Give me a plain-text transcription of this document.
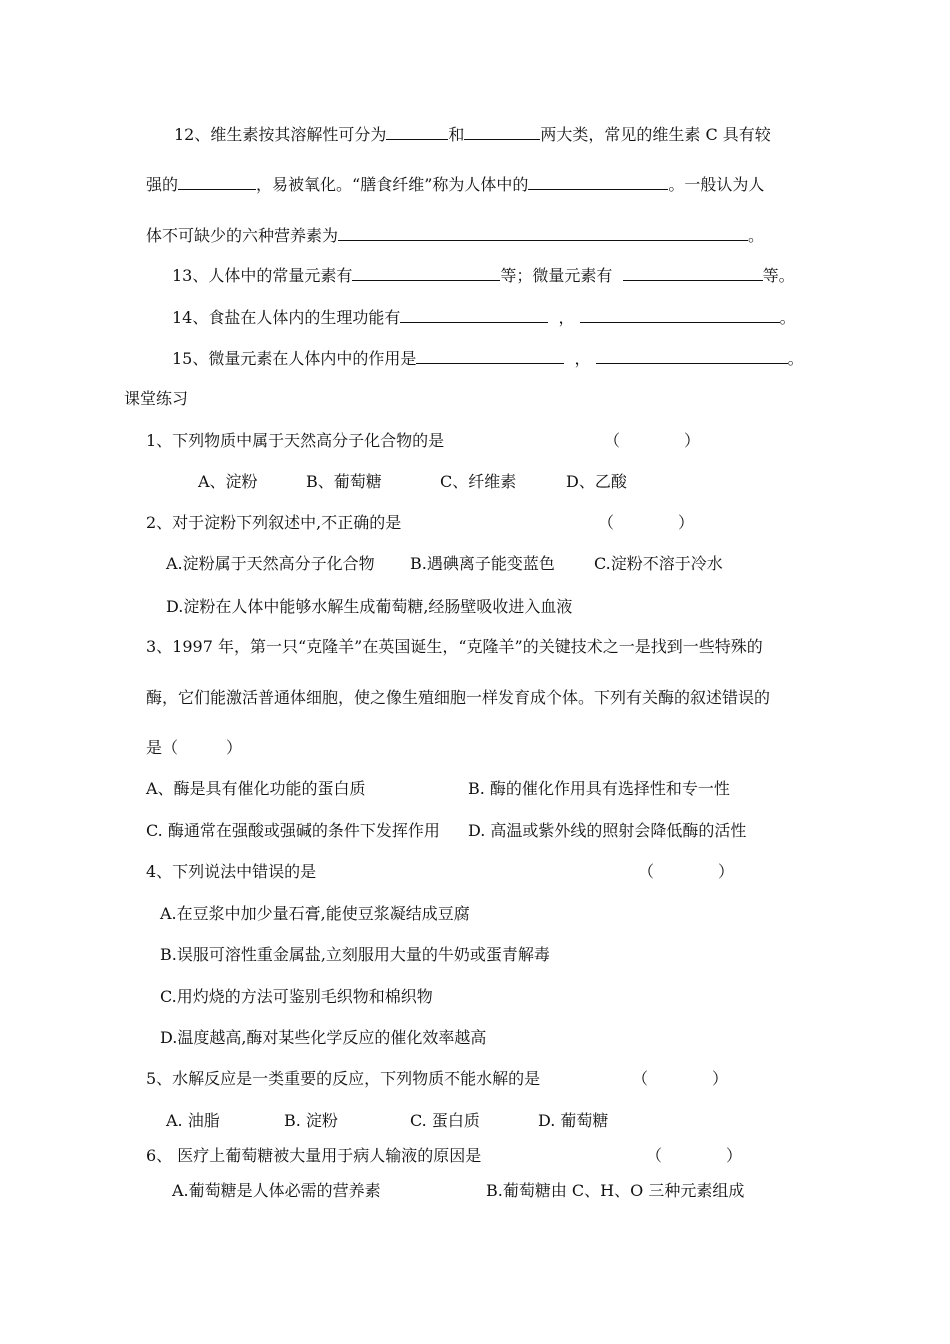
12、维生素按其溶解性可分为	和	两大类，常见的维生素 C 具有较
强的	，易被氧化。“膳食纤维”称为人体中的	。一般认为人
体不可缺少的六种营养素为	。
13、人体中的常量元素有	等；微量元素有	等。
14、食盐在人体内的生理功能有	，	。
15、微量元素在人体内中的作用是	，	。
课堂练习
1、下列物质中属于天然高分子化合物的是	（　　　　）
A、淀粉	B、葡萄糖	C、纤维素	D、乙酸
2、对于淀粉下列叙述中,不正确的是	（　　　　）
A.淀粉属于天然高分子化合物 B.遇碘离子能变蓝色 C.淀粉不溶于冷水
D.淀粉在人体中能够水解生成葡萄糖,经肠壁吸收进入血液
3、1997 年，第一只“克隆羊”在英国诞生，“克隆羊”的关键技术之一是找到一些特殊的
酶，它们能激活普通体细胞，使之像生殖细胞一样发育成个体。下列有关酶的叙述错误的
是（　　　）
A、酶是具有催化功能的蛋白质	B. 酶的催化作用具有选择性和专一性
C. 酶通常在强酸或强碱的条件下发挥作用 D. 高温或紫外线的照射会降低酶的活性
4、下列说法中错误的是	（　　　　）
A.在豆浆中加少量石膏,能使豆浆凝结成豆腐
B.误服可溶性重金属盐,立刻服用大量的牛奶或蛋青解毒
C.用灼烧的方法可鉴别毛织物和棉织物
D.温度越高,酶对某些化学反应的催化效率越高
5、水解反应是一类重要的反应，下列物质不能水解的是	（　　　　）
A. 油脂	B. 淀粉	C. 蛋白质	D. 葡萄糖
6、 医疗上葡萄糖被大量用于病人输液的原因是	（　　　　）
A.葡萄糖是人体必需的营养素	B.葡萄糖由 C、H、O 三种元素组成
